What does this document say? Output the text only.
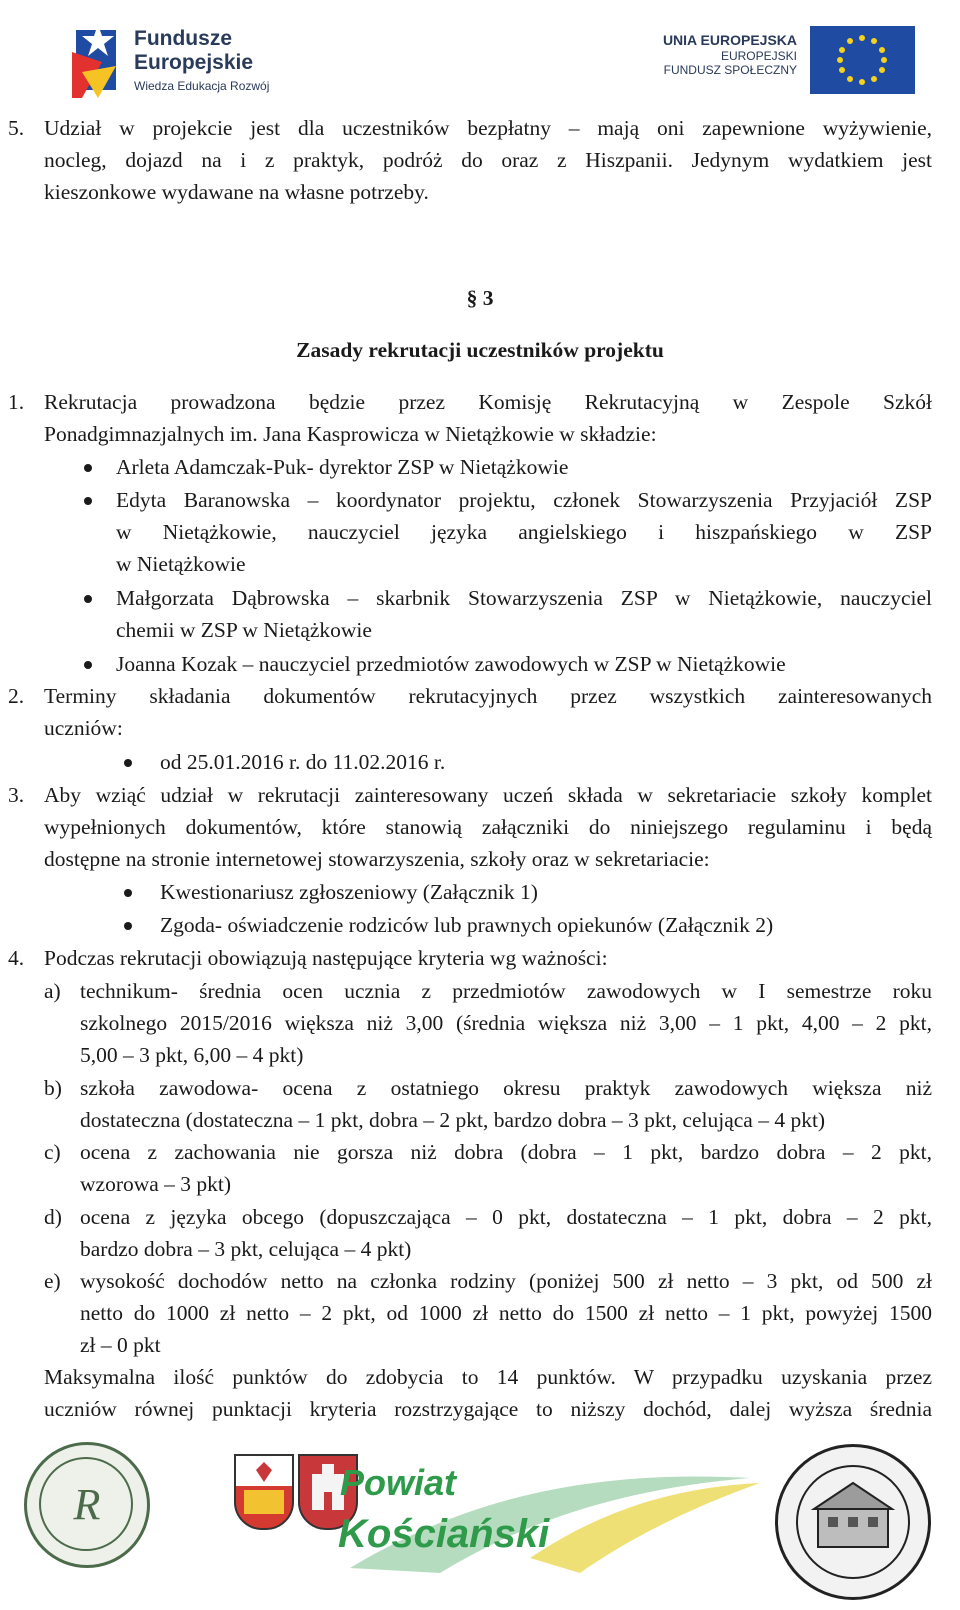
Fundusze
Europejskie
Wiedza Edukacja Rozwój
UNIA EUROPEJSKA
EUROPEJSKI
FUNDUSZ SPOŁECZNY
5. Udział w projekcie jest dla uczestników bezpłatny – mają oni zapewnione wyżywienie,
nocleg, dojazd na i z praktyk, podróż do oraz z Hiszpanii. Jedynym wydatkiem jest
kieszonkowe wydawane na własne potrzeby.
§ 3
Zasady rekrutacji uczestników projektu
1. Rekrutacja prowadzona będzie przez Komisję Rekrutacyjną w Zespole Szkół
Ponadgimnazjalnych im. Jana Kasprowicza w Nietążkowie w składzie:
Arleta Adamczak-Puk- dyrektor ZSP w Nietążkowie
Edyta Baranowska – koordynator projektu, członek Stowarzyszenia Przyjaciół ZSP
w Nietążkowie, nauczyciel języka angielskiego i hiszpańskiego w ZSP
w Nietążkowie
Małgorzata Dąbrowska – skarbnik Stowarzyszenia ZSP w Nietążkowie, nauczyciel
chemii w ZSP w Nietążkowie
Joanna Kozak – nauczyciel przedmiotów zawodowych w ZSP w Nietążkowie
2. Terminy składania dokumentów rekrutacyjnych przez wszystkich zainteresowanych
uczniów:
od 25.01.2016 r. do 11.02.2016 r.
3. Aby wziąć udział w rekrutacji zainteresowany uczeń składa w sekretariacie szkoły komplet
wypełnionych dokumentów, które stanowią załączniki do niniejszego regulaminu i będą
dostępne na stronie internetowej stowarzyszenia, szkoły oraz w sekretariacie:
Kwestionariusz zgłoszeniowy (Załącznik 1)
Zgoda- oświadczenie rodziców lub prawnych opiekunów (Załącznik 2)
4. Podczas rekrutacji obowiązują następujące kryteria wg ważności:
a) technikum- średnia ocen ucznia z przedmiotów zawodowych w I semestrze roku
szkolnego 2015/2016 większa niż 3,00 (średnia większa niż 3,00 – 1 pkt, 4,00 – 2 pkt,
5,00 – 3 pkt, 6,00 – 4 pkt)
b) szkoła zawodowa- ocena z ostatniego okresu praktyk zawodowych większa niż
dostateczna (dostateczna – 1 pkt, dobra – 2 pkt, bardzo dobra – 3 pkt, celująca – 4 pkt)
c) ocena z zachowania nie gorsza niż dobra (dobra – 1 pkt, bardzo dobra – 2 pkt,
wzorowa – 3 pkt)
d) ocena z języka obcego (dopuszczająca – 0 pkt, dostateczna – 1 pkt, dobra – 2 pkt,
bardzo dobra – 3 pkt, celująca – 4 pkt)
e) wysokość dochodów netto na członka rodziny (poniżej 500 zł netto – 3 pkt, od 500 zł
netto do 1000 zł netto – 2 pkt, od 1000 zł netto do 1500 zł netto – 1 pkt, powyżej 1500
zł – 0 pkt
Maksymalna ilość punktów do zdobycia to 14 punktów. W przypadku uzyskania przez
uczniów równej punktacji kryteria rozstrzygające to niższy dochód, dalej wyższa średnia
R	Powiat
Kościański
